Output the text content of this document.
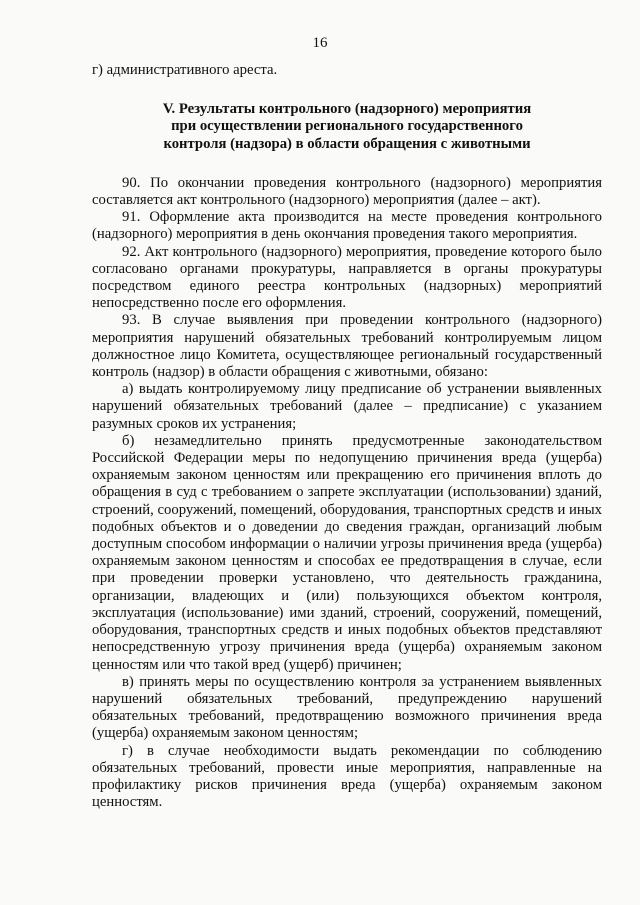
16

г) административного ареста.

V. Результаты контрольного (надзорного) мероприятия
при осуществлении регионального государственного
контроля (надзора) в области обращения с животными

90. По окончании проведения контрольного (надзорного) мероприятия составляется акт контрольного (надзорного) мероприятия (далее – акт).

91. Оформление акта производится на месте проведения контрольного (надзорного) мероприятия в день окончания проведения такого мероприятия.

92. Акт контрольного (надзорного) мероприятия, проведение которого было согласовано органами прокуратуры, направляется в органы прокуратуры посредством единого реестра контрольных (надзорных) мероприятий непосредственно после его оформления.

93. В случае выявления при проведении контрольного (надзорного) мероприятия нарушений обязательных требований контролируемым лицом должностное лицо Комитета, осуществляющее региональный государственный контроль (надзор) в области обращения с животными, обязано:

а) выдать контролируемому лицу предписание об устранении выявленных нарушений обязательных требований (далее – предписание) с указанием разумных сроков их устранения;

б) незамедлительно принять предусмотренные законодательством Российской Федерации меры по недопущению причинения вреда (ущерба) охраняемым законом ценностям или прекращению его причинения вплоть до обращения в суд с требованием о запрете эксплуатации (использовании) зданий, строений, сооружений, помещений, оборудования, транспортных средств и иных подобных объектов и о доведении до сведения граждан, организаций любым доступным способом информации о наличии угрозы причинения вреда (ущерба) охраняемым законом ценностям и способах ее предотвращения в случае, если при проведении проверки установлено, что деятельность гражданина, организации, владеющих и (или) пользующихся объектом контроля, эксплуатация (использование) ими зданий, строений, сооружений, помещений, оборудования, транспортных средств и иных подобных объектов представляют непосредственную угрозу причинения вреда (ущерба) охраняемым законом ценностям или что такой вред (ущерб) причинен;

в) принять меры по осуществлению контроля за устранением выявленных нарушений обязательных требований, предупреждению нарушений обязательных требований, предотвращению возможного причинения вреда (ущерба) охраняемым законом ценностям;

г) в случае необходимости выдать рекомендации по соблюдению обязательных требований, провести иные мероприятия, направленные на профилактику рисков причинения вреда (ущерба) охраняемым законом ценностям.
